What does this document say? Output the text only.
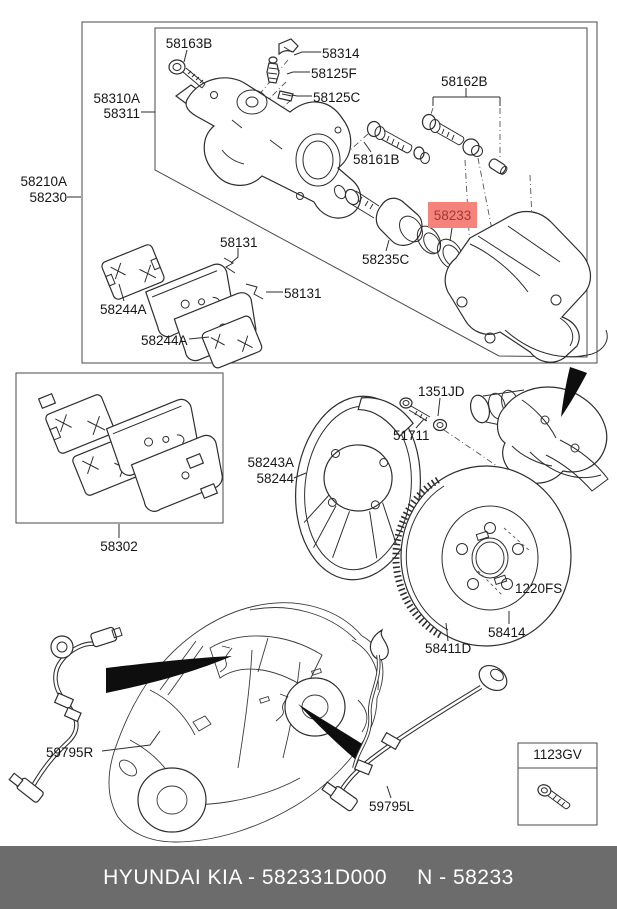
58163B
58314
58125F
58125C
58310A
58311
58162B
58161B
58210A
58230
58235C
58233
58131
58131
58244A
58244A
58302
58243A
58244
1351JD
51711
1220FS
58414
58411D
59795R
59795L
1123GV
HYUNDAI KIA - 582331D000 N - 58233
